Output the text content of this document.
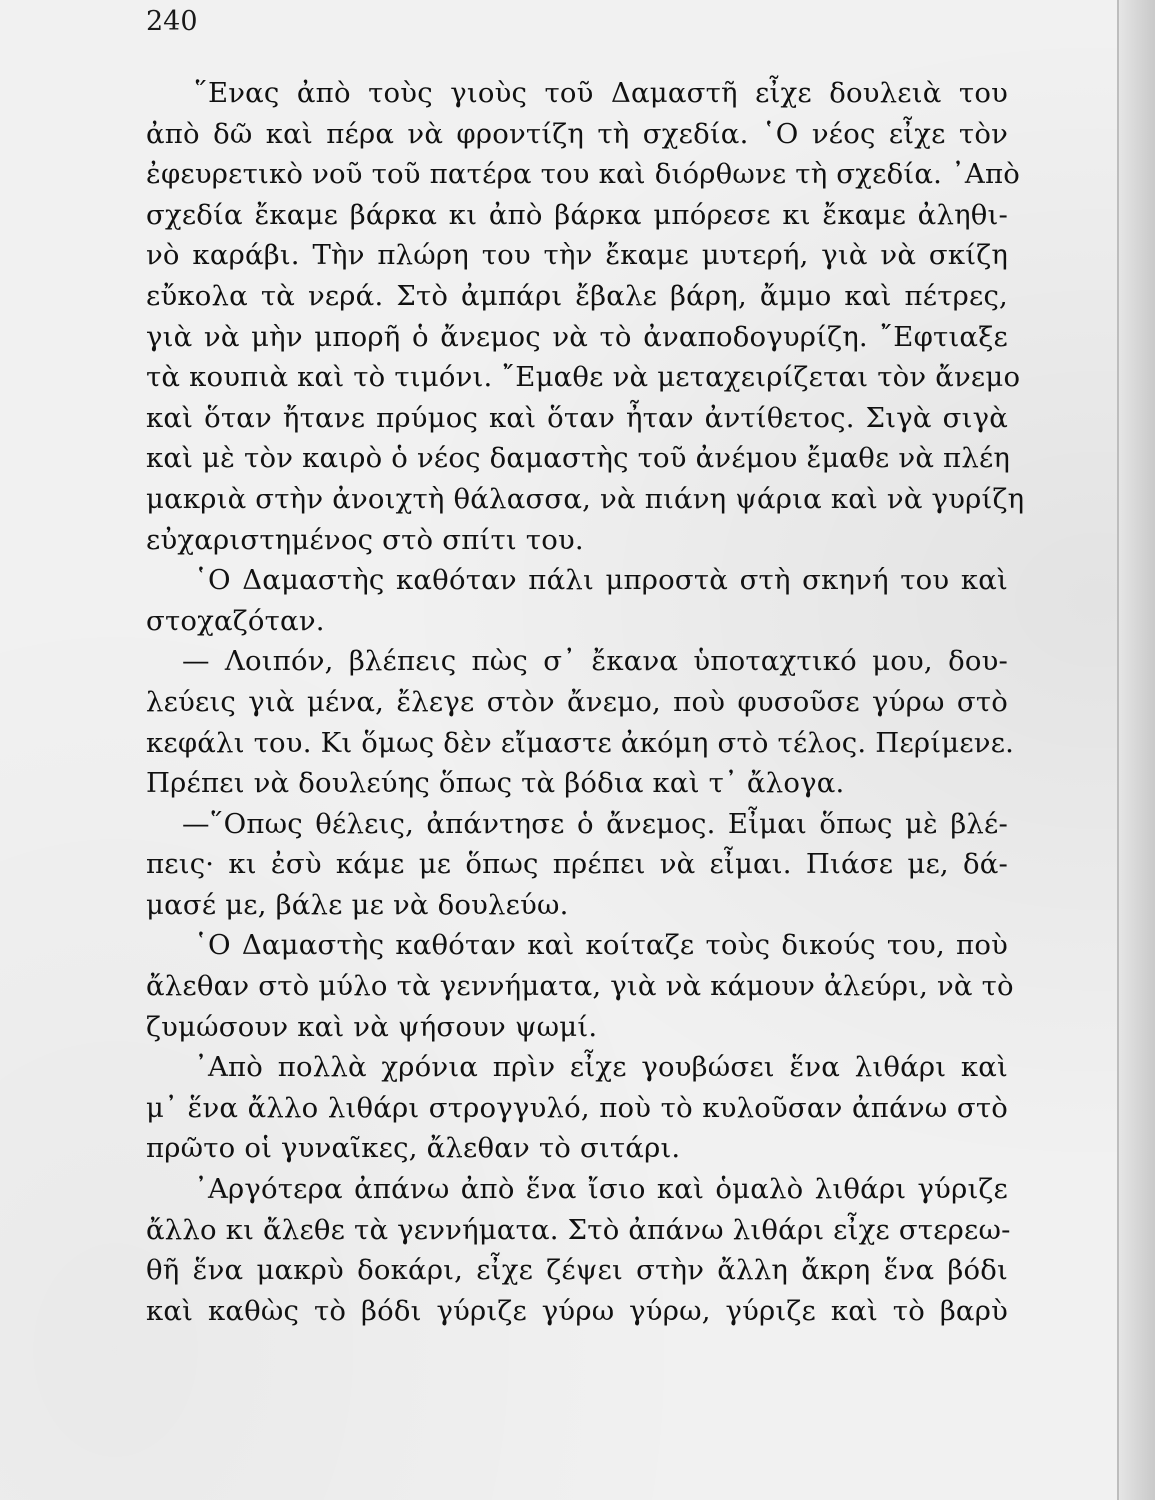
240
῞Ενας ἀπὸ τοὺς γιοὺς τοῦ Δαμαστῆ εἶχε δουλειὰ του
ἀπὸ δῶ καὶ πέρα νὰ φροντίζη τὴ σχεδία. ῾Ο νέος εἶχε τὸν
ἐφευρετικὸ νοῦ τοῦ πατέρα του καὶ διόρθωνε τὴ σχεδία. ᾿Απὸ
σχεδία ἔκαμε βάρκα κι ἀπὸ βάρκα μπόρεσε κι ἔκαμε ἀληθι-
νὸ καράβι. Τὴν πλώρη του τὴν ἔκαμε μυτερή, γιὰ νὰ σκίζη
εὔκολα τὰ νερά. Στὸ ἀμπάρι ἔβαλε βάρη, ἄμμο καὶ πέτρες,
γιὰ νὰ μὴν μπορῆ ὁ ἄνεμος νὰ τὸ ἀναποδογυρίζη. ῎Εφτιαξε
τὰ κουπιὰ καὶ τὸ τιμόνι. ῎Εμαθε νὰ μεταχειρίζεται τὸν ἄνεμο
καὶ ὅταν ἤτανε πρύμος καὶ ὅταν ἦταν ἀντίθετος. Σιγὰ σιγὰ
καὶ μὲ τὸν καιρὸ ὁ νέος δαμαστὴς τοῦ ἀνέμου ἔμαθε νὰ πλέη
μακριὰ στὴν ἀνοιχτὴ θάλασσα, νὰ πιάνη ψάρια καὶ νὰ γυρίζη
εὐχαριστημένος στὸ σπίτι του.
῾Ο Δαμαστὴς καθόταν πάλι μπροστὰ στὴ σκηνή του καὶ
στοχαζόταν.
— Λοιπόν, βλέπεις πὼς σ᾿ ἔκανα ὑποταχτικό μου, δου-
λεύεις γιὰ μένα, ἔλεγε στὸν ἄνεμο, ποὺ φυσοῦσε γύρω στὸ
κεφάλι του. Κι ὅμως δὲν εἴμαστε ἀκόμη στὸ τέλος. Περίμενε.
Πρέπει νὰ δουλεύης ὅπως τὰ βόδια καὶ τ᾿ ἄλογα.
—῞Οπως θέλεις, ἀπάντησε ὁ ἄνεμος. Εἶμαι ὅπως μὲ βλέ-
πεις· κι ἐσὺ κάμε με ὅπως πρέπει νὰ εἶμαι. Πιάσε με, δά-
μασέ με, βάλε με νὰ δουλεύω.
῾Ο Δαμαστὴς καθόταν καὶ κοίταζε τοὺς δικούς του, ποὺ
ἄλεθαν στὸ μύλο τὰ γεννήματα, γιὰ νὰ κάμουν ἀλεύρι, νὰ τὸ
ζυμώσουν καὶ νὰ ψήσουν ψωμί.
᾿Απὸ πολλὰ χρόνια πρὶν εἶχε γουβώσει ἕνα λιθάρι καὶ
μ᾿ ἕνα ἄλλο λιθάρι στρογγυλό, ποὺ τὸ κυλοῦσαν ἀπάνω στὸ
πρῶτο οἱ γυναῖκες, ἄλεθαν τὸ σιτάρι.
᾿Αργότερα ἀπάνω ἀπὸ ἕνα ἴσιο καὶ ὁμαλὸ λιθάρι γύριζε
ἄλλο κι ἄλεθε τὰ γεννήματα. Στὸ ἀπάνω λιθάρι εἶχε στερεω-
θῆ ἕνα μακρὺ δοκάρι, εἶχε ζέψει στὴν ἄλλη ἄκρη ἕνα βόδι
καὶ καθὼς τὸ βόδι γύριζε γύρω γύρω, γύριζε καὶ τὸ βαρὺ
